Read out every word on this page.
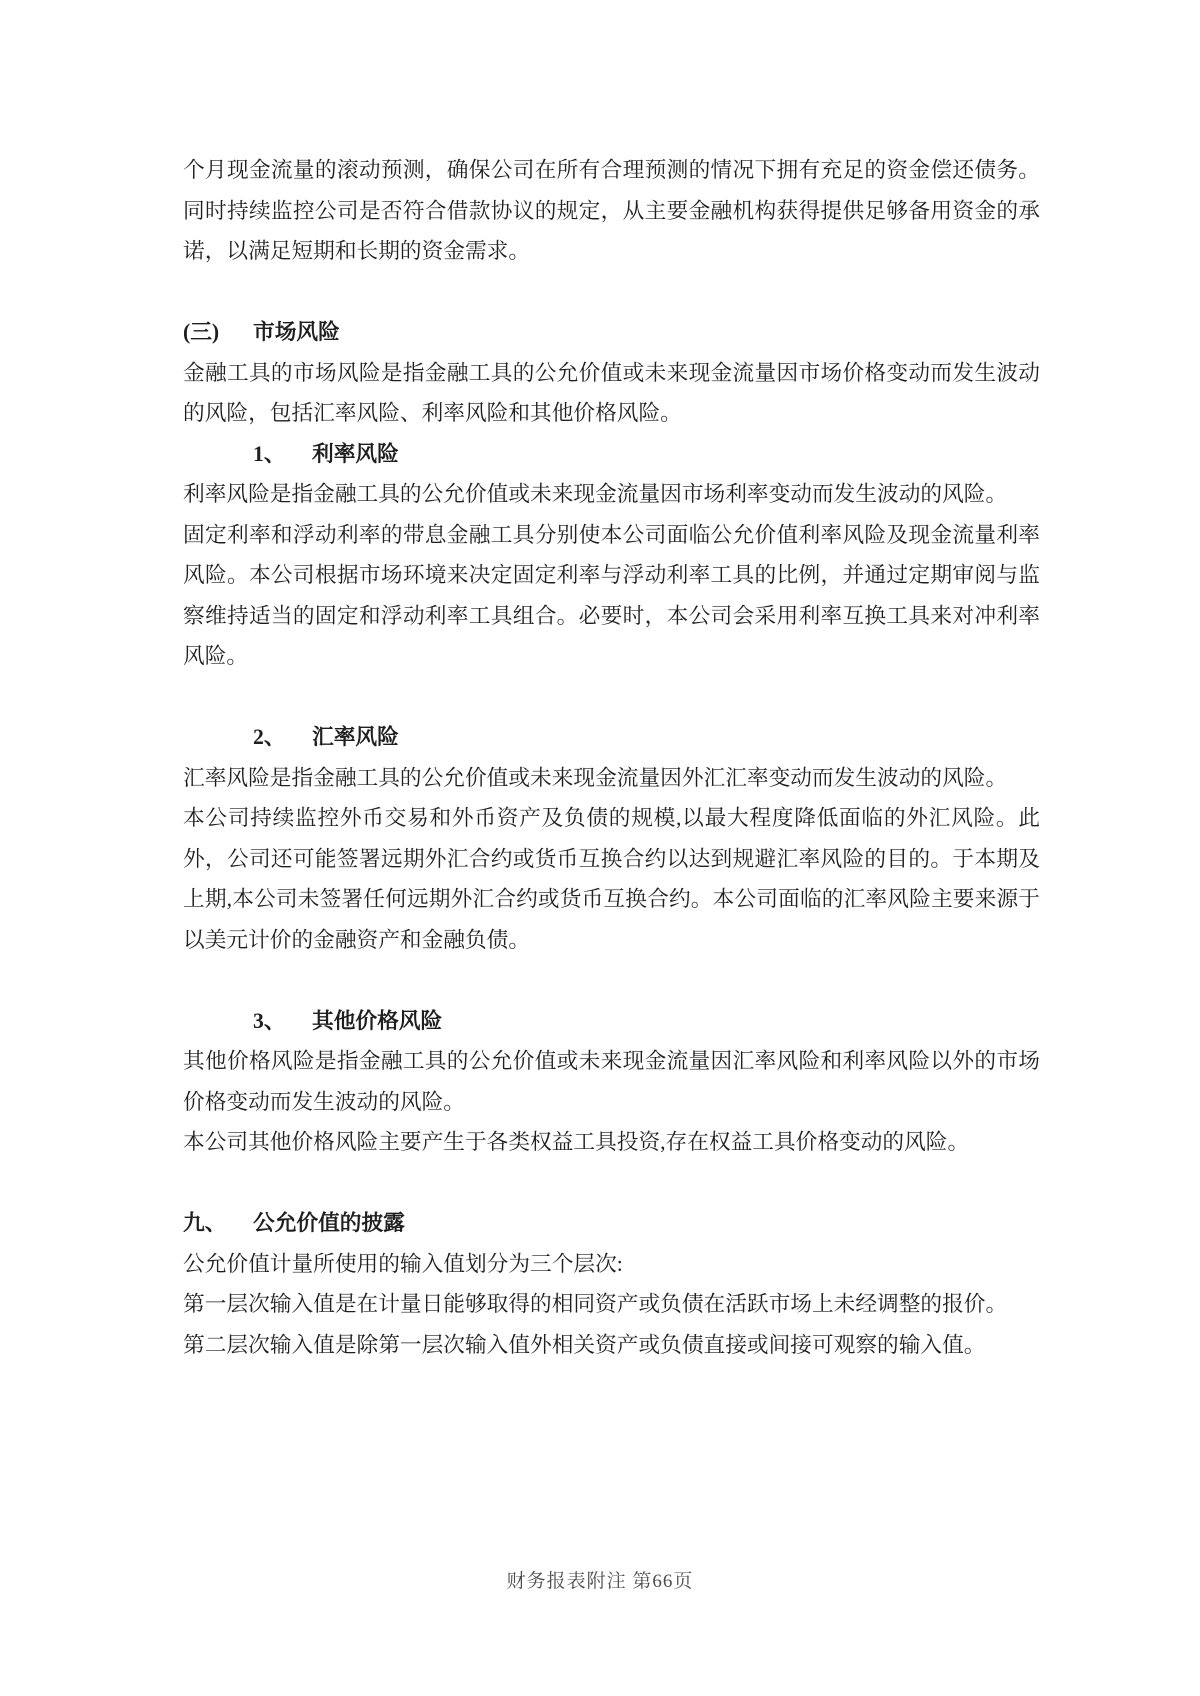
个月现金流量的滚动预测，确保公司在所有合理预测的情况下拥有充足的资金偿还债务。同时持续监控公司是否符合借款协议的规定，从主要金融机构获得提供足够备用资金的承诺，以满足短期和长期的资金需求。

(三)	市场风险

金融工具的市场风险是指金融工具的公允价值或未来现金流量因市场价格变动而发生波动的风险，包括汇率风险、利率风险和其他价格风险。

1、	利率风险

利率风险是指金融工具的公允价值或未来现金流量因市场利率变动而发生波动的风险。

固定利率和浮动利率的带息金融工具分别使本公司面临公允价值利率风险及现金流量利率风险。本公司根据市场环境来决定固定利率与浮动利率工具的比例，并通过定期审阅与监察维持适当的固定和浮动利率工具组合。必要时，本公司会采用利率互换工具来对冲利率风险。

2、	汇率风险

汇率风险是指金融工具的公允价值或未来现金流量因外汇汇率变动而发生波动的风险。

本公司持续监控外币交易和外币资产及负债的规模,以最大程度降低面临的外汇风险。此外，公司还可能签署远期外汇合约或货币互换合约以达到规避汇率风险的目的。于本期及上期,本公司未签署任何远期外汇合约或货币互换合约。本公司面临的汇率风险主要来源于以美元计价的金融资产和金融负债。

3、	其他价格风险

其他价格风险是指金融工具的公允价值或未来现金流量因汇率风险和利率风险以外的市场价格变动而发生波动的风险。

本公司其他价格风险主要产生于各类权益工具投资,存在权益工具价格变动的风险。

九、	公允价值的披露

公允价值计量所使用的输入值划分为三个层次:

第一层次输入值是在计量日能够取得的相同资产或负债在活跃市场上未经调整的报价。

第二层次输入值是除第一层次输入值外相关资产或负债直接或间接可观察的输入值。

财务报表附注 第66页
